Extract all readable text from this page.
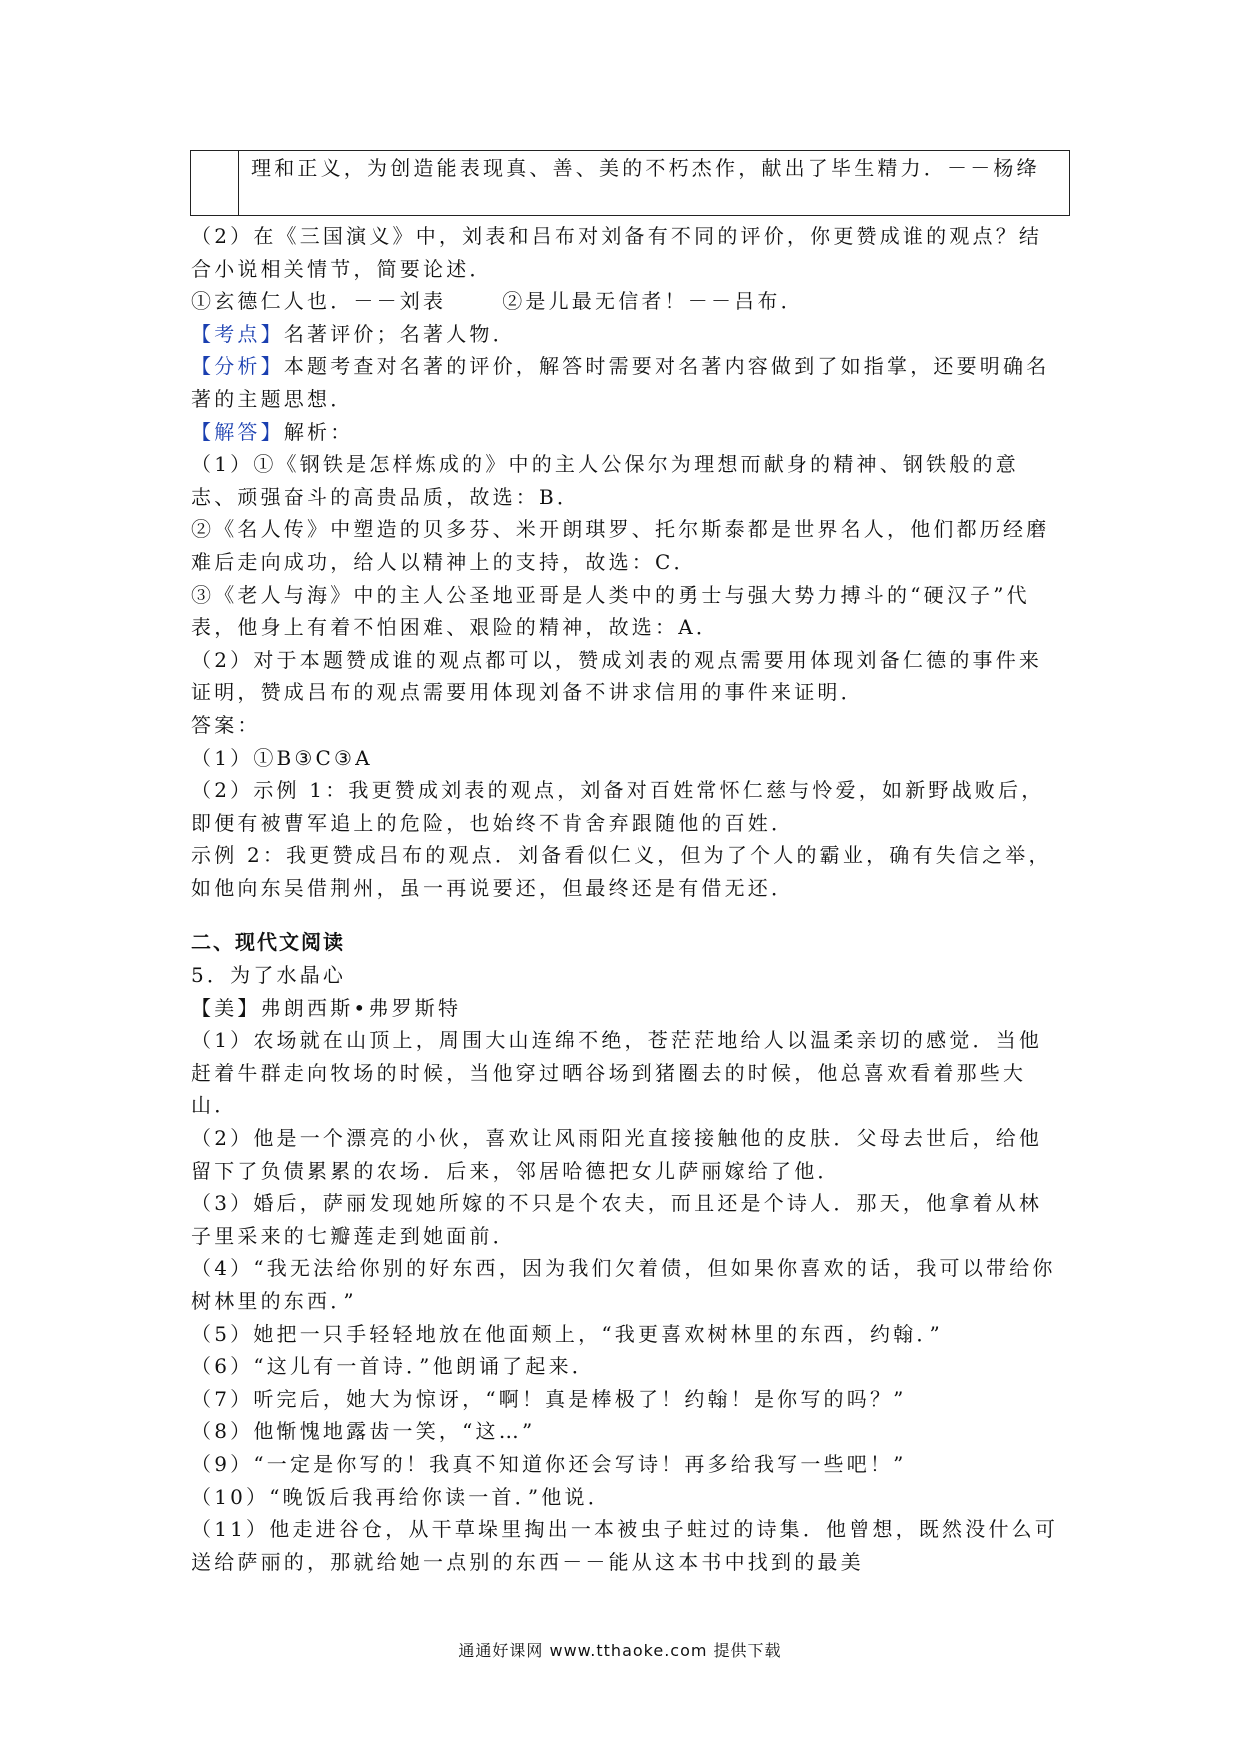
理和正义，为创造能表现真、善、美的不朽杰作，献出了毕生精力．－－杨绛

（2）在《三国演义》中，刘表和吕布对刘备有不同的评价，你更赞成谁的观点？结合小说相关情节，简要论述．

①玄德仁人也．－－刘表	②是儿最无信者！－－吕布．

【考点】名著评价；名著人物．

【分析】本题考查对名著的评价，解答时需要对名著内容做到了如指掌，还要明确名著的主题思想．

【解答】解析：

（1）①《钢铁是怎样炼成的》中的主人公保尔为理想而献身的精神、钢铁般的意志、顽强奋斗的高贵品质，故选：B．

②《名人传》中塑造的贝多芬、米开朗琪罗、托尔斯泰都是世界名人，他们都历经磨难后走向成功，给人以精神上的支持，故选：C．

③《老人与海》中的主人公圣地亚哥是人类中的勇士与强大势力搏斗的“硬汉子”代表，他身上有着不怕困难、艰险的精神，故选：A．

（2）对于本题赞成谁的观点都可以，赞成刘表的观点需要用体现刘备仁德的事件来证明，赞成吕布的观点需要用体现刘备不讲求信用的事件来证明．

答案：

（1）①B③C③A

（2）示例 1：我更赞成刘表的观点，刘备对百姓常怀仁慈与怜爱，如新野战败后，即便有被曹军追上的危险，也始终不肯舍弃跟随他的百姓．

示例 2：我更赞成吕布的观点．刘备看似仁义，但为了个人的霸业，确有失信之举，如他向东吴借荆州，虽一再说要还，但最终还是有借无还．

二、现代文阅读

5．为了水晶心

【美】弗朗西斯•弗罗斯特

（1）农场就在山顶上，周围大山连绵不绝，苍茫茫地给人以温柔亲切的感觉．当他赶着牛群走向牧场的时候，当他穿过晒谷场到猪圈去的时候，他总喜欢看着那些大山．

（2）他是一个漂亮的小伙，喜欢让风雨阳光直接接触他的皮肤．父母去世后，给他留下了负债累累的农场．后来，邻居哈德把女儿萨丽嫁给了他．

（3）婚后，萨丽发现她所嫁的不只是个农夫，而且还是个诗人．那天，他拿着从林子里采来的七瓣莲走到她面前．

（4）“我无法给你别的好东西，因为我们欠着债，但如果你喜欢的话，我可以带给你树林里的东西．”

（5）她把一只手轻轻地放在他面颊上，“我更喜欢树林里的东西，约翰．”

（6）“这儿有一首诗．”他朗诵了起来．

（7）听完后，她大为惊讶，“啊！真是棒极了！约翰！是你写的吗？”

（8）他惭愧地露齿一笑，“这…”

（9）“一定是你写的！我真不知道你还会写诗！再多给我写一些吧！”

（10）“晚饭后我再给你读一首．”他说．

（11）他走进谷仓，从干草垛里掏出一本被虫子蛀过的诗集．他曾想，既然没什么可送给萨丽的，那就给她一点别的东西－－能从这本书中找到的最美

通通好课网 www.tthaoke.com 提供下载
